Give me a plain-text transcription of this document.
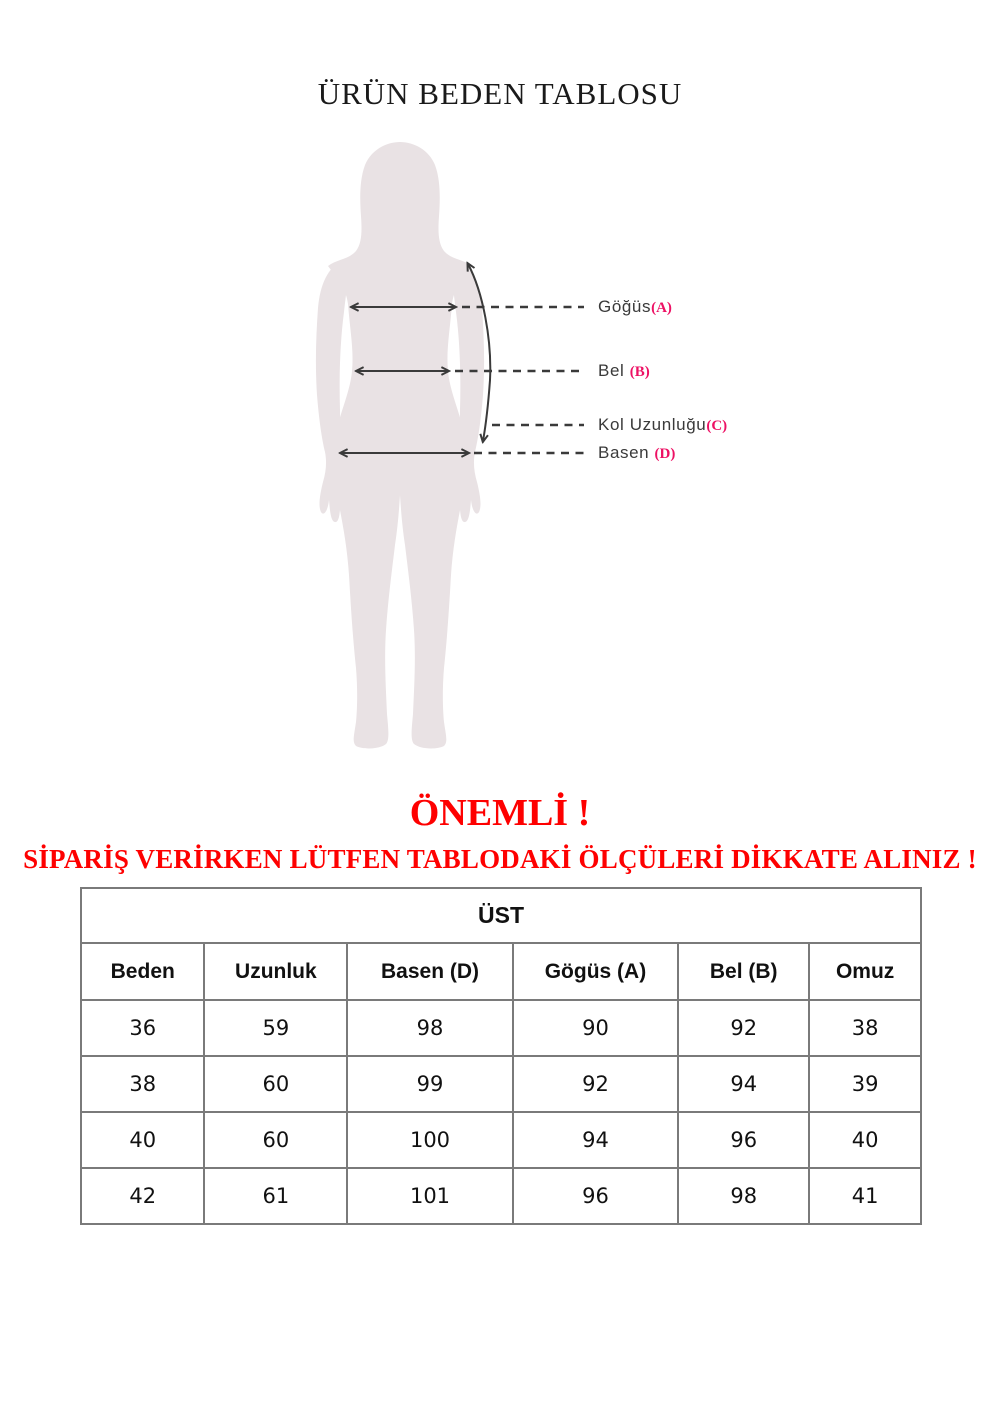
ÜRÜN BEDEN TABLOSU
Göğüs(A)
Bel (B)
Kol Uzunluğu(C)
Basen (D)
ÖNEMLİ !
SİPARİŞ VERİRKEN LÜTFEN TABLODAKİ ÖLÇÜLERİ DİKKATE ALINIZ !
ÜST					
Beden	Uzunluk	Basen (D)	Gögüs (A)	Bel (B)	Omuz
36	59	98	90	92	38
38	60	99	92	94	39
40	60	100	94	96	40
42	61	101	96	98	41
